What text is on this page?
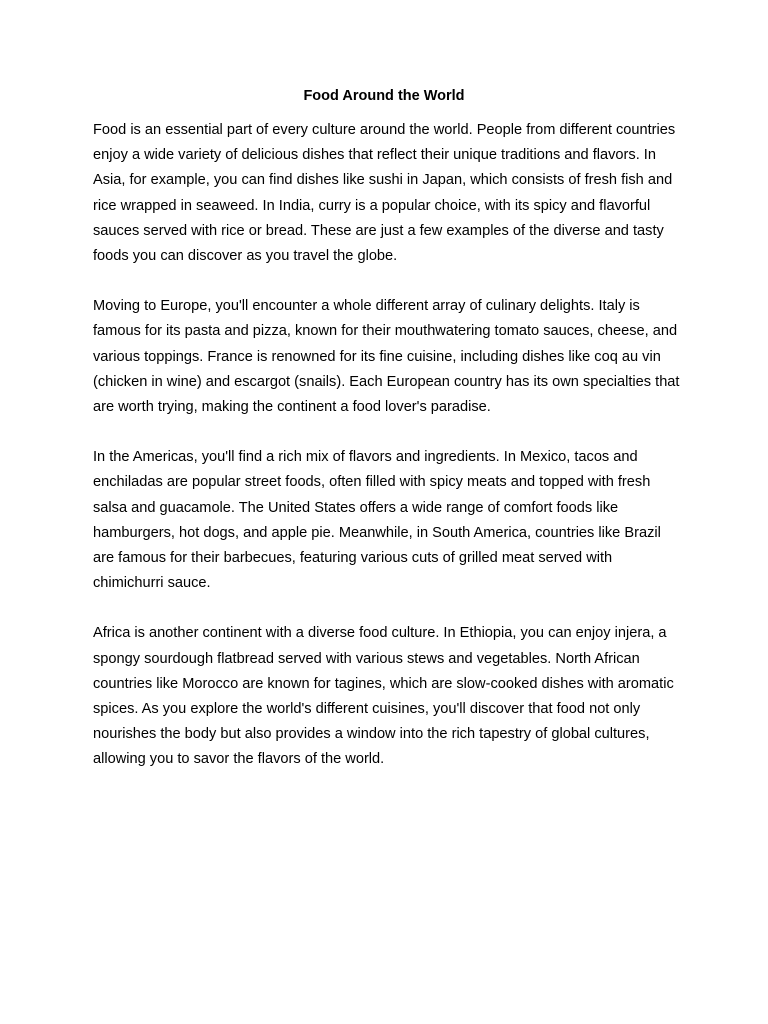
Food Around the World

Food is an essential part of every culture around the world. People from different countries enjoy a wide variety of delicious dishes that reflect their unique traditions and flavors. In Asia, for example, you can find dishes like sushi in Japan, which consists of fresh fish and rice wrapped in seaweed. In India, curry is a popular choice, with its spicy and flavorful sauces served with rice or bread. These are just a few examples of the diverse and tasty foods you can discover as you travel the globe.

Moving to Europe, you'll encounter a whole different array of culinary delights. Italy is famous for its pasta and pizza, known for their mouthwatering tomato sauces, cheese, and various toppings. France is renowned for its fine cuisine, including dishes like coq au vin (chicken in wine) and escargot (snails). Each European country has its own specialties that are worth trying, making the continent a food lover's paradise.

In the Americas, you'll find a rich mix of flavors and ingredients. In Mexico, tacos and enchiladas are popular street foods, often filled with spicy meats and topped with fresh salsa and guacamole. The United States offers a wide range of comfort foods like hamburgers, hot dogs, and apple pie. Meanwhile, in South America, countries like Brazil are famous for their barbecues, featuring various cuts of grilled meat served with chimichurri sauce.

Africa is another continent with a diverse food culture. In Ethiopia, you can enjoy injera, a spongy sourdough flatbread served with various stews and vegetables. North African countries like Morocco are known for tagines, which are slow-cooked dishes with aromatic spices. As you explore the world's different cuisines, you'll discover that food not only nourishes the body but also provides a window into the rich tapestry of global cultures, allowing you to savor the flavors of the world.
